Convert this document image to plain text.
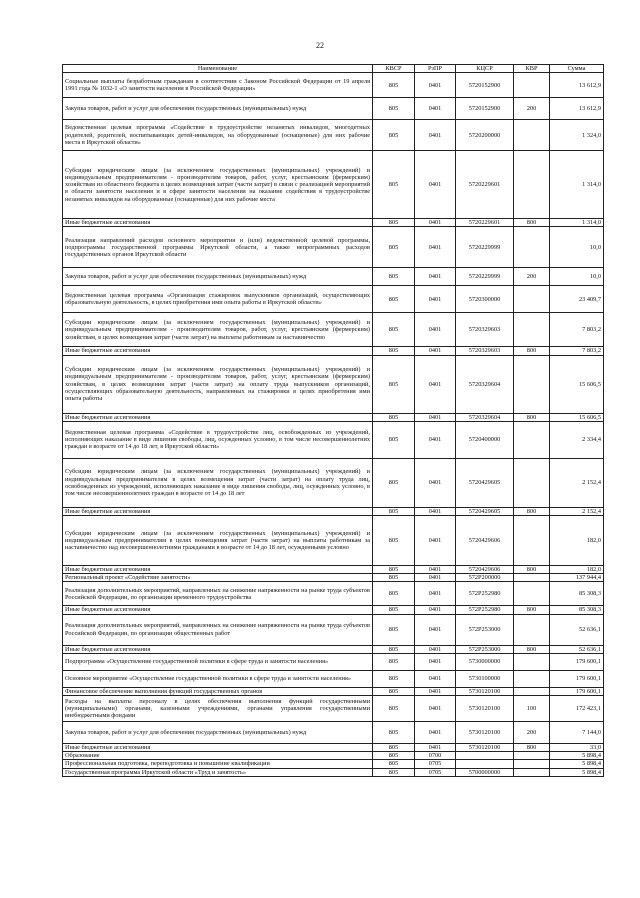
22
Наименование	КВСР	РзПР	КЦСР	КВР	Сумма
Социальные выплаты безработным гражданам в соответствии с Законом Российской Федерации от 19 апреля 1991 года № 1032-1 «О занятости населения в Российской Федерации»	805	0401	5720152900		13 612,9
Закупка товаров, работ и услуг для обеспечения государственных (муниципальных) нужд	805	0401	5720152900	200	13 612,9
Ведомственная целевая программа «Содействие в трудоустройстве незанятых инвалидов, многодетных родителей, родителей, воспитывающих детей-инвалидов, на оборудованные (оснащенные) для них рабочие места в Иркутской области»	805	0401	5720200000		1 324,0
Субсидии юридическим лицам (за исключением государственных (муниципальных) учреждений) и индивидуальным предпринимателям - производителям товаров, работ, услуг, крестьянским (фермерским) хозяйствам из областного бюджета в целях возмещения затрат (части затрат) в связи с реализацией мероприятий в области занятости населения и в сфере занятости населения на оказание содействия в трудоустройстве незанятых инвалидов на оборудованные (оснащенные) для них рабочие места	805	0401	5720229601		1 314,0
Иные бюджетные ассигнования	805	0401	5720229601	800	1 314,0
Реализация направлений расходов основного мероприятия и (или) ведомственной целевой программы, подпрограммы государственной программы Иркутской области, а также непрограммных расходов государственных органов Иркутской области	805	0401	5720229999		10,0
Закупка товаров, работ и услуг для обеспечения государственных (муниципальных) нужд	805	0401	5720229999	200	10,0
Ведомственная целевая программа «Организация стажировок выпускников организаций, осуществляющих образовательную деятельность, в целях приобретения ими опыта работы в Иркутской области»	805	0401	5720300000		23 409,7
Субсидии юридическим лицам (за исключением государственных (муниципальных) учреждений) и индивидуальным предпринимателям - производителям товаров, работ, услуг, крестьянским (фермерским) хозяйствам, в целях возмещения затрат (части затрат) на выплаты работникам за наставничество	805	0401	5720329603		7 803,2
Иные бюджетные ассигнования	805	0401	5720329603	800	7 803,2
Субсидии юридическим лицам (за исключением государственных (муниципальных) учреждений) и индивидуальным предпринимателям - производителям товаров, работ, услуг, крестьянским (фермерским) хозяйствам, в целях возмещения затрат (части затрат) на оплату труда выпускников организаций, осуществляющих образовательную деятельность, направленных на стажировки в целях приобретения ими опыта работы	805	0401	5720329604		15 606,5
Иные бюджетные ассигнования	805	0401	5720329604	800	15 606,5
Ведомственная целевая программа «Содействие в трудоустройстве лиц, освобожденных из учреждений, исполняющих наказание в виде лишения свободы, лиц, осужденных условно, в том числе несовершеннолетних граждан в возрасте от 14 до 18 лет, в Иркутской области»	805	0401	5720400000		2 334,4
Субсидии юридическим лицам (за исключением государственных (муниципальных) учреждений) и индивидуальным предпринимателям в целях возмещения затрат (части затрат) на оплату труда лиц, освобожденных из учреждений, исполняющих наказание в виде лишения свободы, лиц, осужденных условно, в том числе несовершеннолетних граждан в возрасте от 14 до 18 лет	805	0401	5720429605		2 152,4
Иные бюджетные ассигнования	805	0401	5720429605	800	2 152,4
Субсидии юридическим лицам (за исключением государственных (муниципальных) учреждений) и индивидуальным предпринимателям в целях возмещения затрат (части затрат) на выплаты работникам за наставничество над несовершеннолетними гражданами в возрасте от 14 до 18 лет, осужденными условно	805	0401	5720429606		182,0
Иные бюджетные ассигнования	805	0401	5720429606	800	182,0
Региональный проект «Содействие занятости»	805	0401	572P200000		137 944,4
Реализация дополнительных мероприятий, направленных на снижение напряженности на рынке труда субъектов Российской Федерации, по организации временного трудоустройства	805	0401	572P252980		85 308,3
Иные бюджетные ассигнования	805	0401	572P252980	800	85 308,3
Реализация дополнительных мероприятий, направленных на снижение напряженности на рынке труда субъектов Российской Федерации, по организации общественных работ	805	0401	572P253000		52 636,1
Иные бюджетные ассигнования	805	0401	572P253000	800	52 636,1
Подпрограмма «Осуществление государственной политики в сфере труда и занятости населения»	805	0401	5730000000		179 600,1
Основное мероприятие «Осуществление государственной политики в сфере труда и занятости населения»	805	0401	5730100000		179 600,1
Финансовое обеспечение выполнения функций государственных органов	805	0401	5730120100		179 600,1
Расходы на выплаты персоналу в целях обеспечения выполнения функций государственными (муниципальными) органами, казенными учреждениями, органами управления государственными внебюджетными фондами	805	0401	5730120100	100	172 423,1
Закупка товаров, работ и услуг для обеспечения государственных (муниципальных) нужд	805	0401	5730120100	200	7 144,0
Иные бюджетные ассигнования	805	0401	5730120100	800	33,0
Образование	805	0700			5 898,4
Профессиональная подготовка, переподготовка и повышение квалификации	805	0705			5 898,4
Государственная программа Иркутской области «Труд и занятость»	805	0705	5700000000		5 898,4
